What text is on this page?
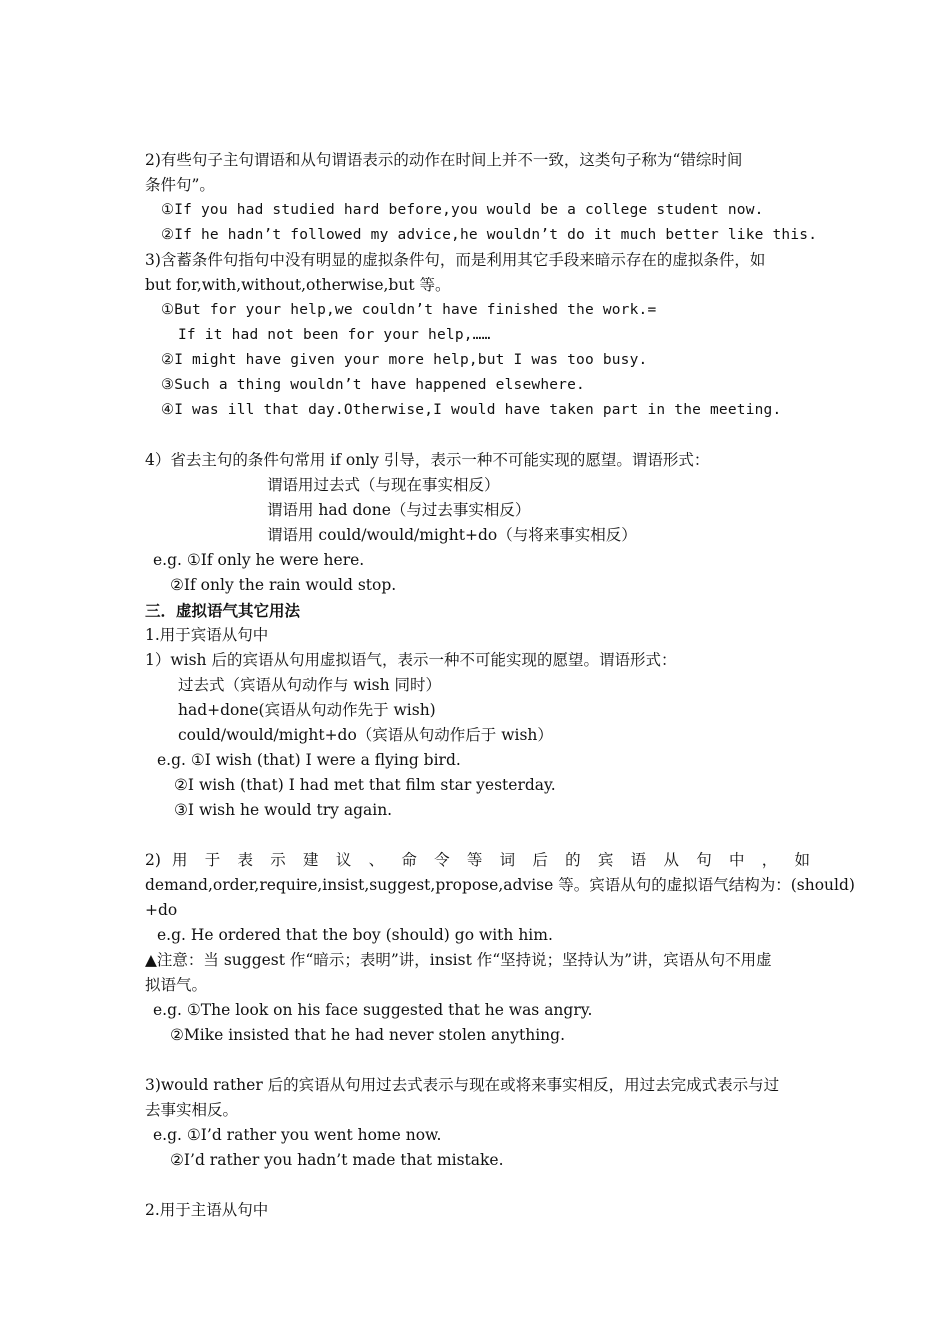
2)有些句子主句谓语和从句谓语表示的动作在时间上并不一致，这类句子称为“错综时间
条件句”。
①If you had studied hard before,you would be a college student now.
②If he hadn’t followed my advice,he wouldn’t do it much better like this.
3)含蓄条件句指句中没有明显的虚拟条件句，而是利用其它手段来暗示存在的虚拟条件，如
but for,with,without,otherwise,but 等。
①But for your help,we couldn’t have finished the work.=
If it had not been for your help,……
②I might have given your more help,but I was too busy.
③Such a thing wouldn’t have happened elsewhere.
④I was ill that day.Otherwise,I would have taken part in the meeting.
4）省去主句的条件句常用 if only 引导，表示一种不可能实现的愿望。谓语形式：
谓语用过去式（与现在事实相反）
谓语用 had done（与过去事实相反）
谓语用 could/would/might+do（与将来事实相反）
e.g. ①If only he were here.
②If only the rain would stop.
三．虚拟语气其它用法
1.用于宾语从句中
1）wish 后的宾语从句用虚拟语气，表示一种不可能实现的愿望。谓语形式：
过去式（宾语从句动作与 wish 同时）
had+done(宾语从句动作先于 wish)
could/would/might+do（宾语从句动作后于 wish）
e.g. ①I wish (that) I were a flying bird.
②I wish (that) I had met that film star yesterday.
③I wish he would try again.
2) 用 于 表 示 建 议 、 命 令 等 词 后 的 宾 语 从 句 中 ， 如
demand,order,require,insist,suggest,propose,advise 等。宾语从句的虚拟语气结构为：(should)
+do
e.g. He ordered that the boy (should) go with him.
▲注意：当 suggest 作“暗示；表明”讲，insist 作“坚持说；坚持认为”讲，宾语从句不用虚
拟语气。
e.g. ①The look on his face suggested that he was angry.
②Mike insisted that he had never stolen anything.
3)would rather 后的宾语从句用过去式表示与现在或将来事实相反，用过去完成式表示与过
去事实相反。
e.g. ①I’d rather you went home now.
②I’d rather you hadn’t made that mistake.
2.用于主语从句中
